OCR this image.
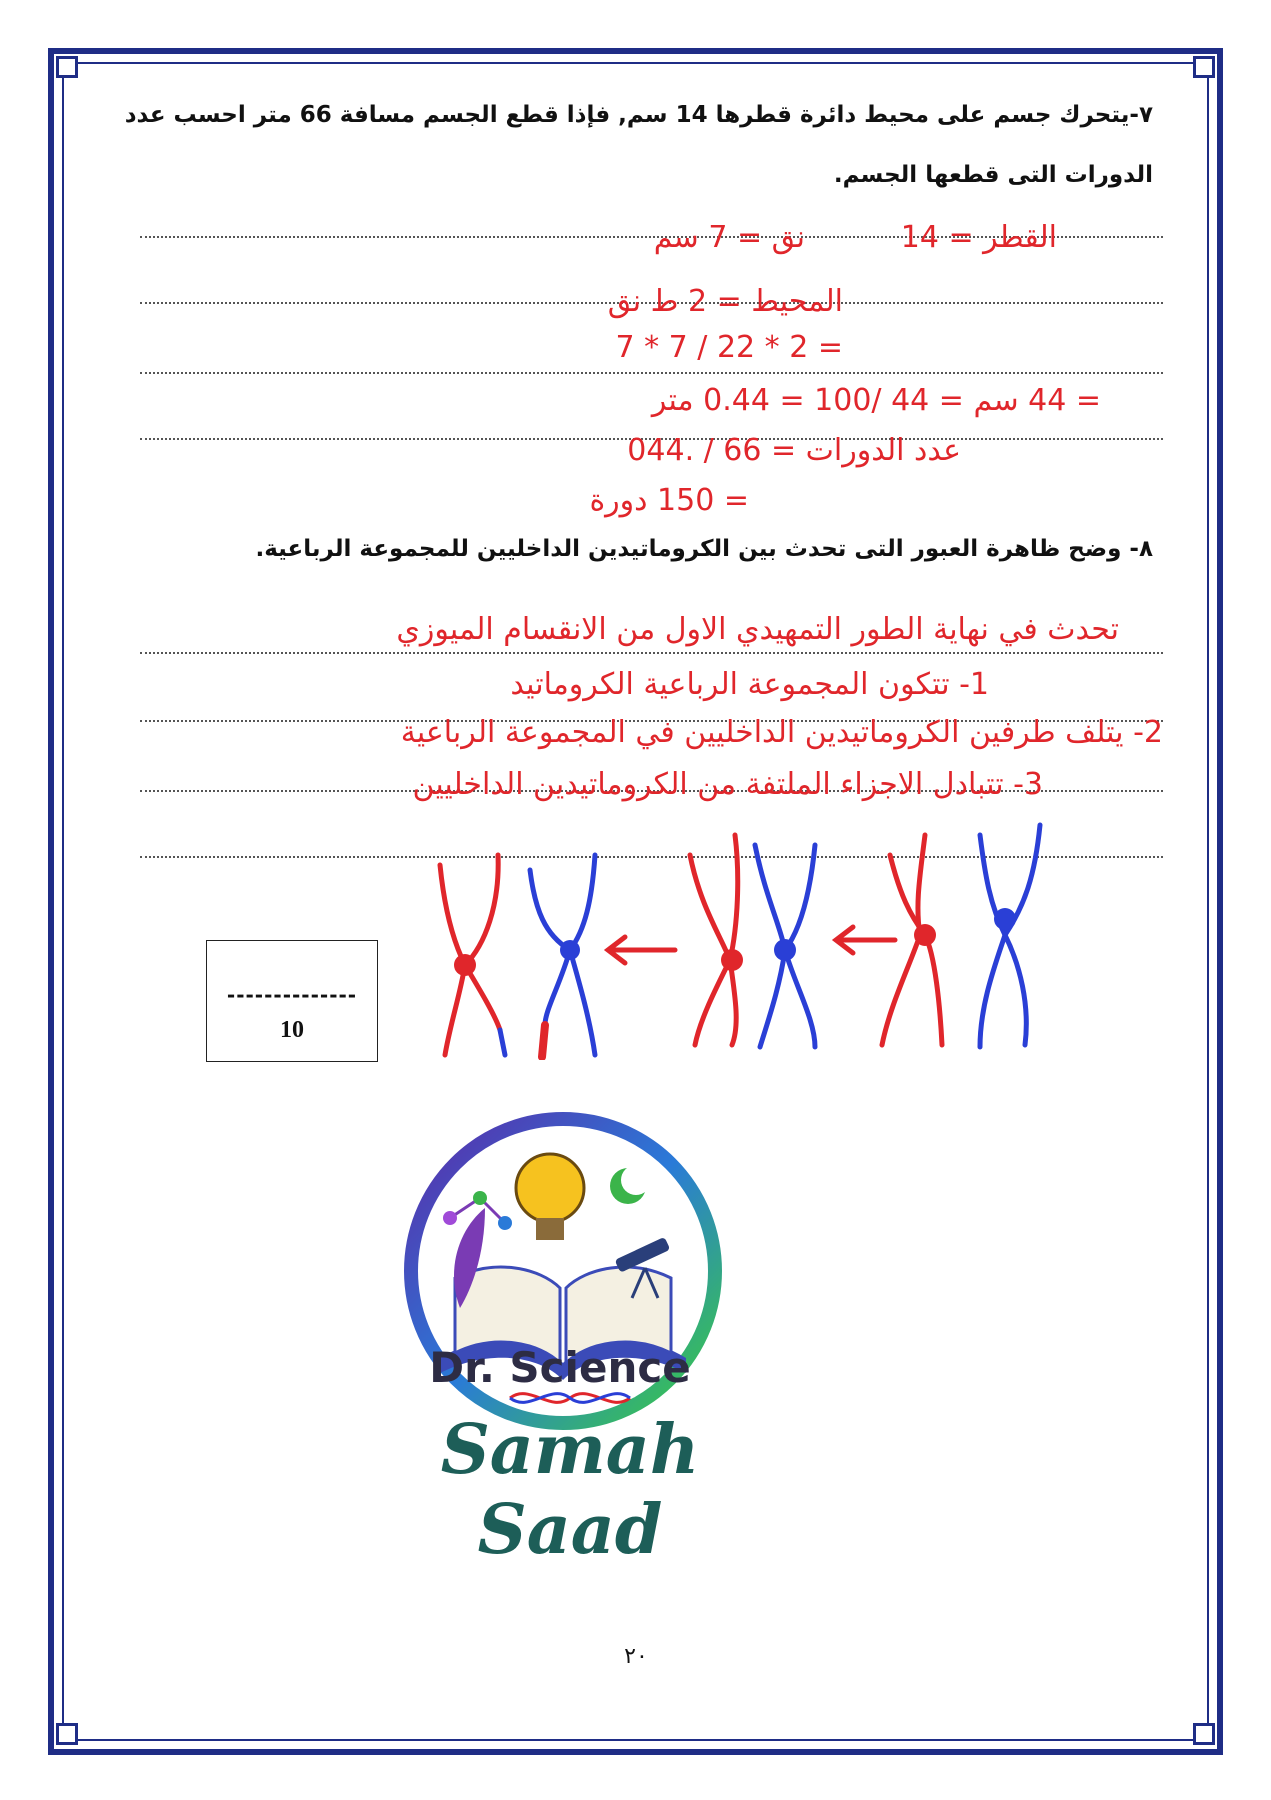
٧-يتحرك جسم على محيط دائرة قطرها 14 سم, فإذا قطع الجسم مسافة 66 متر احسب عدد
الدورات التى قطعها الجسم.
القطر = 14
نق = 7 سم
المحيط = 2 ط نق
= 2 * 22 / 7 * 7
= 44 سم = 44 /100 = 0.44 متر
عدد الدورات = 66 / .044
= 150 دورة
٨- وضح ظاهرة العبور التى تحدث بين الكروماتيدين الداخليين للمجموعة الرباعية.
تحدث في نهاية الطور التمهيدي الاول من الانقسام الميوزي
1- تتكون المجموعة الرباعية الكروماتيد
2- يتلف طرفين الكروماتيدين الداخليين في المجموعة الرباعية
3- تتبادل الاجزاء الملتفة من الكروماتيدين الداخليين
--------------
10
Dr. Science
Samah Saad
٢٠
